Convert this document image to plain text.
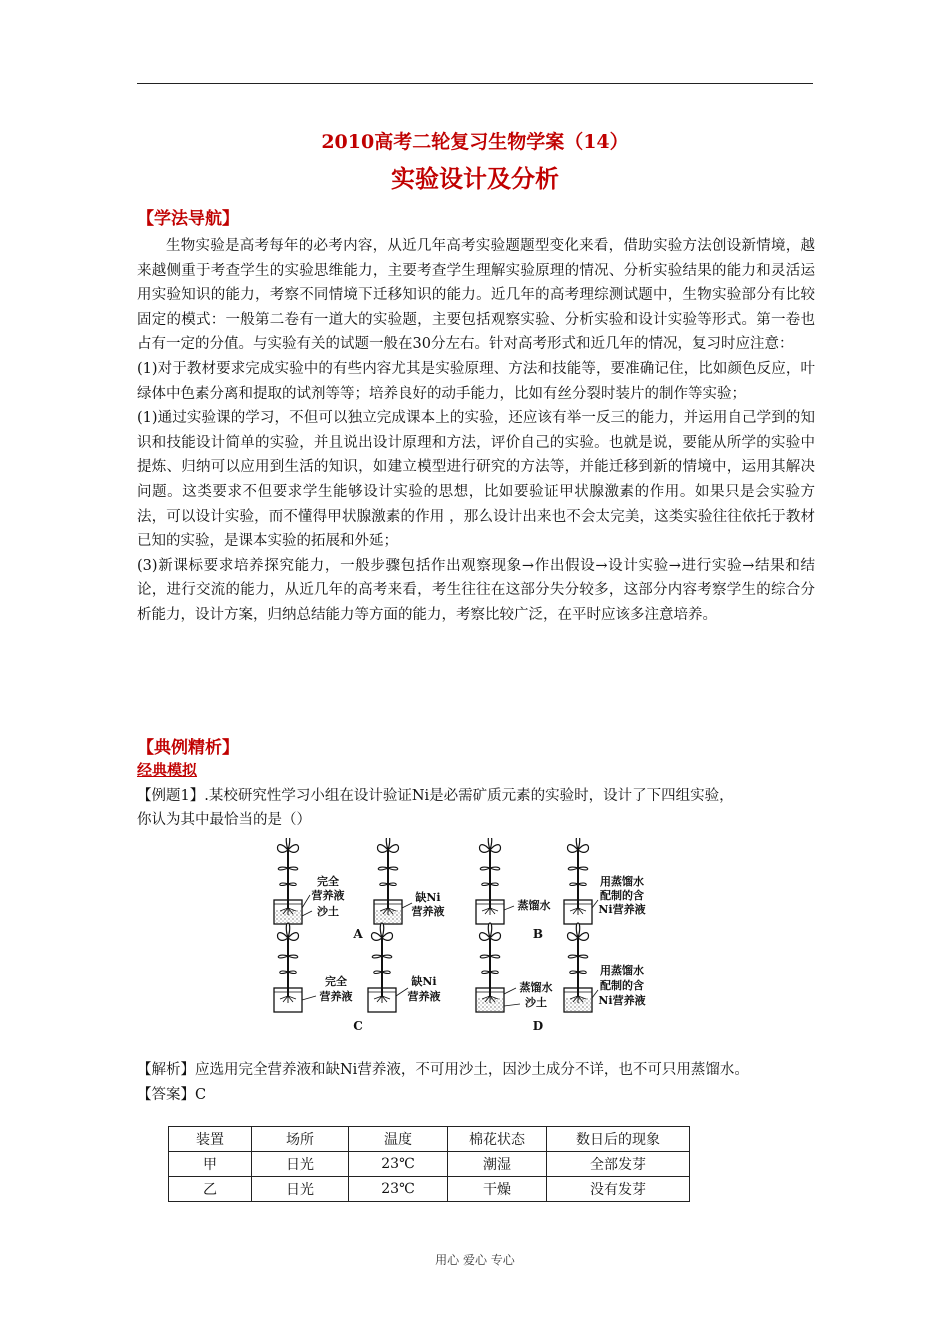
2010高考二轮复习生物学案（14）
实验设计及分析
【学法导航】

生物实验是高考每年的必考内容，从近几年高考实验题题型变化来看，借助实验方法创设新情境，越来越侧重于考查学生的实验思维能力，主要考查学生理解实验原理的情况、分析实验结果的能力和灵活运用实验知识的能力，考察不同情境下迁移知识的能力。近几年的高考理综测试题中，生物实验部分有比较固定的模式：一般第二卷有一道大的实验题，主要包括观察实验、分析实验和设计实验等形式。第一卷也占有一定的分值。与实验有关的试题一般在30分左右。针对高考形式和近几年的情况，复习时应注意：

(1)对于教材要求完成实验中的有些内容尤其是实验原理、方法和技能等，要准确记住，比如颜色反应，叶绿体中色素分离和提取的试剂等等；培养良好的动手能力，比如有丝分裂时装片的制作等实验；

(1)通过实验课的学习，不但可以独立完成课本上的实验，还应该有举一反三的能力，并运用自己学到的知识和技能设计简单的实验，并且说出设计原理和方法，评价自己的实验。也就是说，要能从所学的实验中提炼、归纳可以应用到生活的知识，如建立模型进行研究的方法等，并能迁移到新的情境中，运用其解决问题。这类要求不但要求学生能够设计实验的思想，比如要验证甲状腺激素的作用。如果只是会实验方法，可以设计实验，而不懂得甲状腺激素的作用 ，那么设计出来也不会太完美，这类实验往往依托于教材已知的实验，是课本实验的拓展和外延；

(3)新课标要求培养探究能力，一般步骤包括作出观察现象→作出假设→设计实验→进行实验→结果和结论，进行交流的能力，从近几年的高考来看，考生往往在这部分失分较多，这部分内容考察学生的综合分析能力，设计方案，归纳总结能力等方面的能力，考察比较广泛，在平时应该多注意培养。

【典例精析】
经典模拟
【例题1】.某校研究性学习小组在设计验证Ni是必需矿质元素的实验时，设计了下四组实验，
你认为其中最恰当的是（）
完全
营养液
沙土
缺Ni
营养液
A
蒸馏水
用蒸馏水
配制的含
Ni营养液
B
完全
营养液
缺Ni
营养液
C
蒸馏水
沙土
用蒸馏水
配制的含
Ni营养液
D
【解析】应选用完全营养液和缺Ni营养液，不可用沙土，因沙土成分不详，也不可只用蒸馏水。
【答案】C
装置	场所	温度	棉花状态	数日后的现象
甲	日光	23℃	潮湿	全部发芽
乙	日光	23℃	干燥	没有发芽
用心 爱心 专心
